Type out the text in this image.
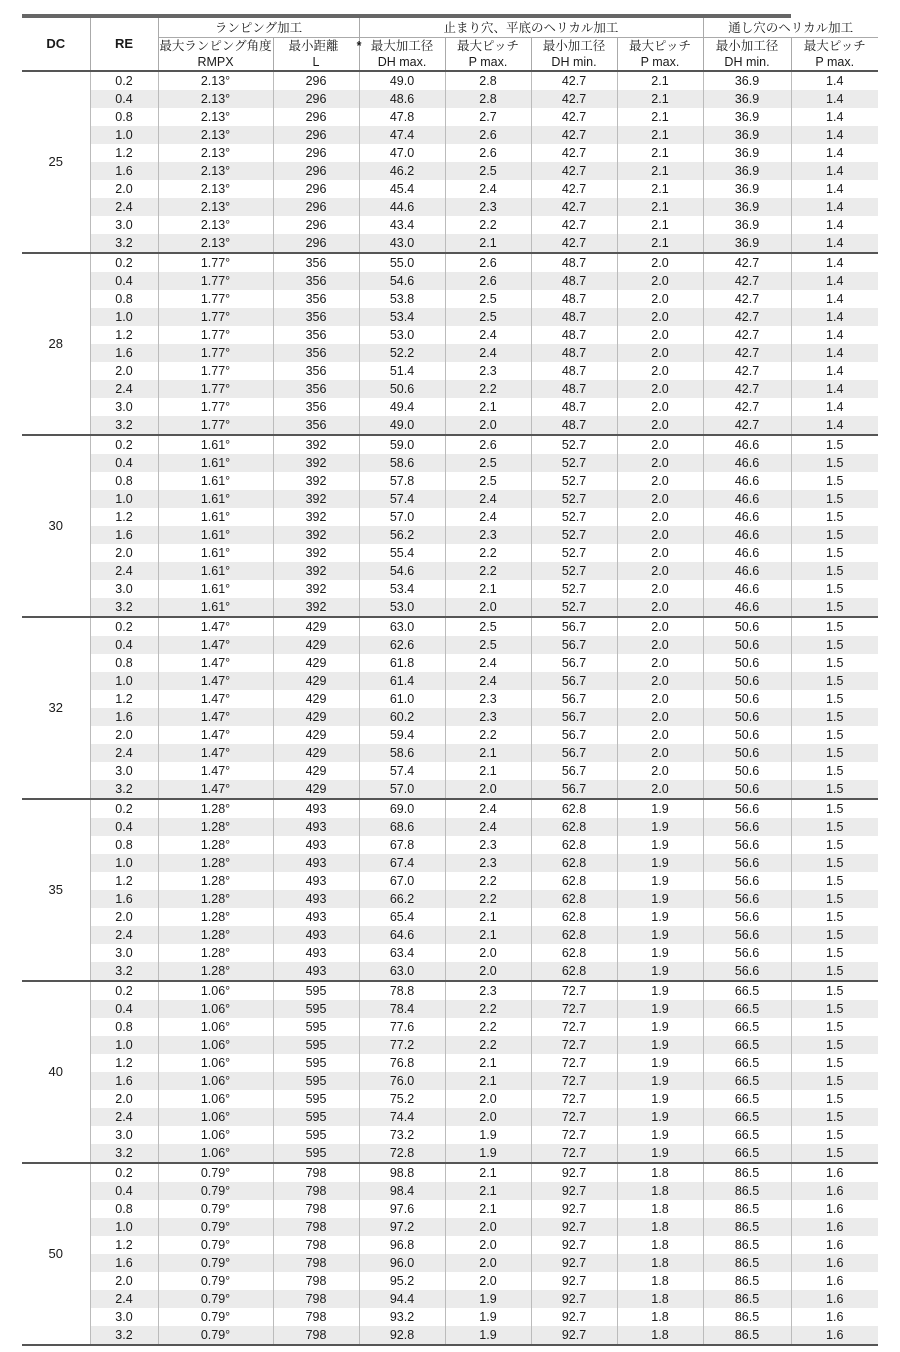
DC	RE	ランピング加工		止まり穴、平底のヘリカル加工				通し穴のヘリカル加工	
		最大ランピング角度	最小距離 *	最大加工径	最大ピッチ	最小加工径	最大ピッチ	最小加工径	最大ピッチ
		RMPX	L	DH max.	P max.	DH min.	P max.	DH min.	P max.
25	0.2	2.13°	296	49.0	2.8	42.7	2.1	36.9	1.4
	0.4	2.13°	296	48.6	2.8	42.7	2.1	36.9	1.4
	0.8	2.13°	296	47.8	2.7	42.7	2.1	36.9	1.4
	1.0	2.13°	296	47.4	2.6	42.7	2.1	36.9	1.4
	1.2	2.13°	296	47.0	2.6	42.7	2.1	36.9	1.4
	1.6	2.13°	296	46.2	2.5	42.7	2.1	36.9	1.4
	2.0	2.13°	296	45.4	2.4	42.7	2.1	36.9	1.4
	2.4	2.13°	296	44.6	2.3	42.7	2.1	36.9	1.4
	3.0	2.13°	296	43.4	2.2	42.7	2.1	36.9	1.4
	3.2	2.13°	296	43.0	2.1	42.7	2.1	36.9	1.4
28	0.2	1.77°	356	55.0	2.6	48.7	2.0	42.7	1.4
	0.4	1.77°	356	54.6	2.6	48.7	2.0	42.7	1.4
	0.8	1.77°	356	53.8	2.5	48.7	2.0	42.7	1.4
	1.0	1.77°	356	53.4	2.5	48.7	2.0	42.7	1.4
	1.2	1.77°	356	53.0	2.4	48.7	2.0	42.7	1.4
	1.6	1.77°	356	52.2	2.4	48.7	2.0	42.7	1.4
	2.0	1.77°	356	51.4	2.3	48.7	2.0	42.7	1.4
	2.4	1.77°	356	50.6	2.2	48.7	2.0	42.7	1.4
	3.0	1.77°	356	49.4	2.1	48.7	2.0	42.7	1.4
	3.2	1.77°	356	49.0	2.0	48.7	2.0	42.7	1.4
30	0.2	1.61°	392	59.0	2.6	52.7	2.0	46.6	1.5
	0.4	1.61°	392	58.6	2.5	52.7	2.0	46.6	1.5
	0.8	1.61°	392	57.8	2.5	52.7	2.0	46.6	1.5
	1.0	1.61°	392	57.4	2.4	52.7	2.0	46.6	1.5
	1.2	1.61°	392	57.0	2.4	52.7	2.0	46.6	1.5
	1.6	1.61°	392	56.2	2.3	52.7	2.0	46.6	1.5
	2.0	1.61°	392	55.4	2.2	52.7	2.0	46.6	1.5
	2.4	1.61°	392	54.6	2.2	52.7	2.0	46.6	1.5
	3.0	1.61°	392	53.4	2.1	52.7	2.0	46.6	1.5
	3.2	1.61°	392	53.0	2.0	52.7	2.0	46.6	1.5
32	0.2	1.47°	429	63.0	2.5	56.7	2.0	50.6	1.5
	0.4	1.47°	429	62.6	2.5	56.7	2.0	50.6	1.5
	0.8	1.47°	429	61.8	2.4	56.7	2.0	50.6	1.5
	1.0	1.47°	429	61.4	2.4	56.7	2.0	50.6	1.5
	1.2	1.47°	429	61.0	2.3	56.7	2.0	50.6	1.5
	1.6	1.47°	429	60.2	2.3	56.7	2.0	50.6	1.5
	2.0	1.47°	429	59.4	2.2	56.7	2.0	50.6	1.5
	2.4	1.47°	429	58.6	2.1	56.7	2.0	50.6	1.5
	3.0	1.47°	429	57.4	2.1	56.7	2.0	50.6	1.5
	3.2	1.47°	429	57.0	2.0	56.7	2.0	50.6	1.5
35	0.2	1.28°	493	69.0	2.4	62.8	1.9	56.6	1.5
	0.4	1.28°	493	68.6	2.4	62.8	1.9	56.6	1.5
	0.8	1.28°	493	67.8	2.3	62.8	1.9	56.6	1.5
	1.0	1.28°	493	67.4	2.3	62.8	1.9	56.6	1.5
	1.2	1.28°	493	67.0	2.2	62.8	1.9	56.6	1.5
	1.6	1.28°	493	66.2	2.2	62.8	1.9	56.6	1.5
	2.0	1.28°	493	65.4	2.1	62.8	1.9	56.6	1.5
	2.4	1.28°	493	64.6	2.1	62.8	1.9	56.6	1.5
	3.0	1.28°	493	63.4	2.0	62.8	1.9	56.6	1.5
	3.2	1.28°	493	63.0	2.0	62.8	1.9	56.6	1.5
40	0.2	1.06°	595	78.8	2.3	72.7	1.9	66.5	1.5
	0.4	1.06°	595	78.4	2.2	72.7	1.9	66.5	1.5
	0.8	1.06°	595	77.6	2.2	72.7	1.9	66.5	1.5
	1.0	1.06°	595	77.2	2.2	72.7	1.9	66.5	1.5
	1.2	1.06°	595	76.8	2.1	72.7	1.9	66.5	1.5
	1.6	1.06°	595	76.0	2.1	72.7	1.9	66.5	1.5
	2.0	1.06°	595	75.2	2.0	72.7	1.9	66.5	1.5
	2.4	1.06°	595	74.4	2.0	72.7	1.9	66.5	1.5
	3.0	1.06°	595	73.2	1.9	72.7	1.9	66.5	1.5
	3.2	1.06°	595	72.8	1.9	72.7	1.9	66.5	1.5
50	0.2	0.79°	798	98.8	2.1	92.7	1.8	86.5	1.6
	0.4	0.79°	798	98.4	2.1	92.7	1.8	86.5	1.6
	0.8	0.79°	798	97.6	2.1	92.7	1.8	86.5	1.6
	1.0	0.79°	798	97.2	2.0	92.7	1.8	86.5	1.6
	1.2	0.79°	798	96.8	2.0	92.7	1.8	86.5	1.6
	1.6	0.79°	798	96.0	2.0	92.7	1.8	86.5	1.6
	2.0	0.79°	798	95.2	2.0	92.7	1.8	86.5	1.6
	2.4	0.79°	798	94.4	1.9	92.7	1.8	86.5	1.6
	3.0	0.79°	798	93.2	1.9	92.7	1.8	86.5	1.6
	3.2	0.79°	798	92.8	1.9	92.7	1.8	86.5	1.6
